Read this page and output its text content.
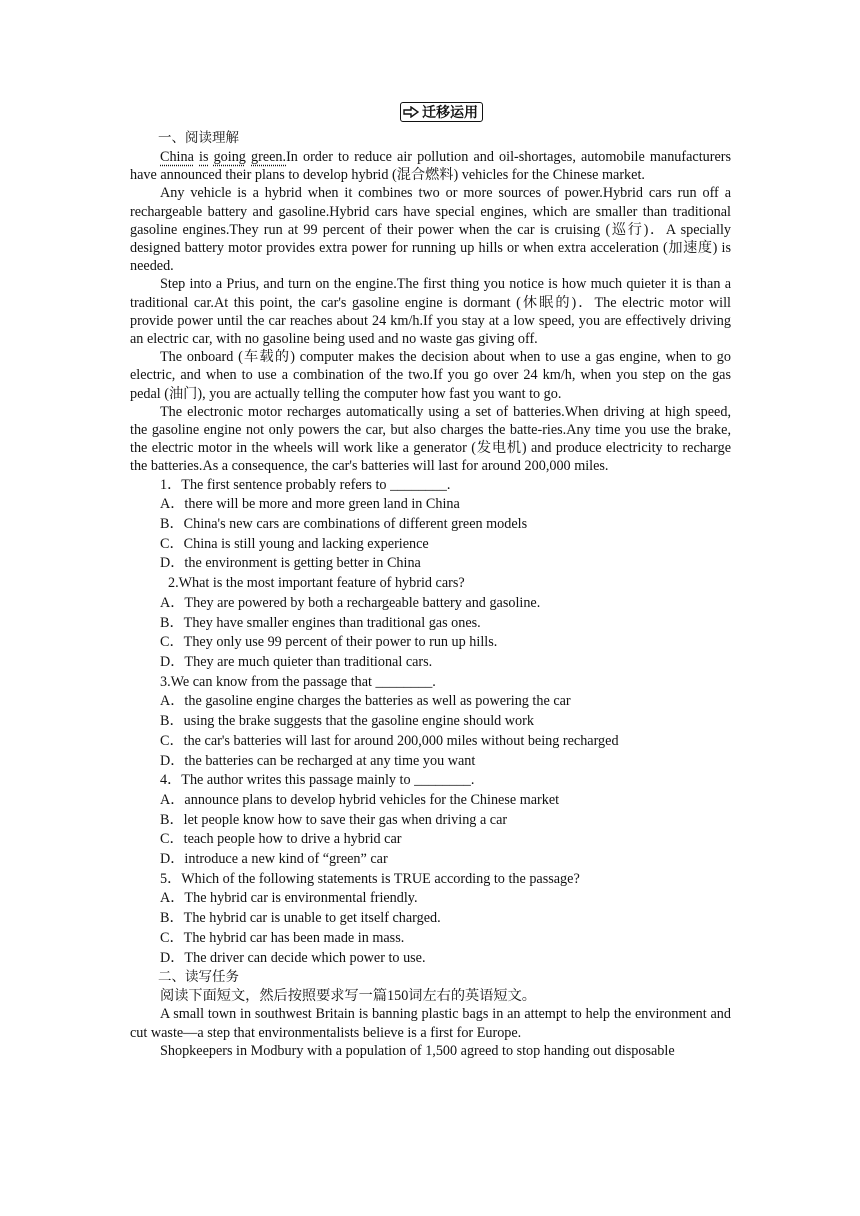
迁移运用
一、阅读理解

China is going green.In order to reduce air pollution and oil-shortages, automobile manufacturers have announced their plans to develop hybrid (混合燃料) vehicles for the Chinese market.

Any vehicle is a hybrid when it combines two or more sources of power.Hybrid cars run off a rechargeable battery and gasoline.Hybrid cars have special engines, which are smaller than traditional gasoline engines.They run at 99 percent of their power when the car is cruising (巡行)．A specially designed battery motor provides extra power for running up hills or when extra acceleration (加速度) is needed.

Step into a Prius, and turn on the engine.The first thing you notice is how much quieter it is than a traditional car.At this point, the car's gasoline engine is dormant (休眠的)．The electric motor will provide power until the car reaches about 24 km/h.If you stay at a low speed, you are effectively driving an electric car, with no gasoline being used and no waste gas giving off.

The onboard (车载的) computer makes the decision about when to use a gas engine, when to go electric, and when to use a combination of the two.If you go over 24 km/h, when you step on the gas pedal (油门), you are actually telling the computer how fast you want to go.

The electronic motor recharges automatically using a set of batteries.When driving at high speed, the gasoline engine not only powers the car, but also charges the batte-ries.Any time you use the brake, the electric motor in the wheels will work like a generator (发电机) and produce electricity to recharge the batteries.As a consequence, the car's batteries will last for around 200,000 miles.

1．The first sentence probably refers to ________.
A．there will be more and more green land in China
B．China's new cars are combinations of different green models
C．China is still young and lacking experience
D．the environment is getting better in China
2.What is the most important feature of hybrid cars?
A．They are powered by both a rechargeable battery and gasoline.
B．They have smaller engines than traditional gas ones.
C．They only use 99 percent of their power to run up hills.
D．They are much quieter than traditional cars.
3.We can know from the passage that ________.
A．the gasoline engine charges the batteries as well as powering the car
B．using the brake suggests that the gasoline engine should work
C．the car's batteries will last for around 200,000 miles without being recharged
D．the batteries can be recharged at any time you want
4．The author writes this passage mainly to ________.
A．announce plans to develop hybrid vehicles for the Chinese market
B．let people know how to save their gas when driving a car
C．teach people how to drive a hybrid car
D．introduce a new kind of “green” car
5．Which of the following statements is TRUE according to the passage?
A．The hybrid car is environmental friendly.
B．The hybrid car is unable to get itself charged.
C．The hybrid car has been made in mass.
D．The driver can decide which power to use.
二、读写任务

阅读下面短文，然后按照要求写一篇150词左右的英语短文。

A small town in southwest Britain is banning plastic bags in an attempt to help the environment and cut waste—a step that environmentalists believe is a first for Europe.

Shopkeepers in Modbury with a population of 1,500 agreed to stop handing out disposable
